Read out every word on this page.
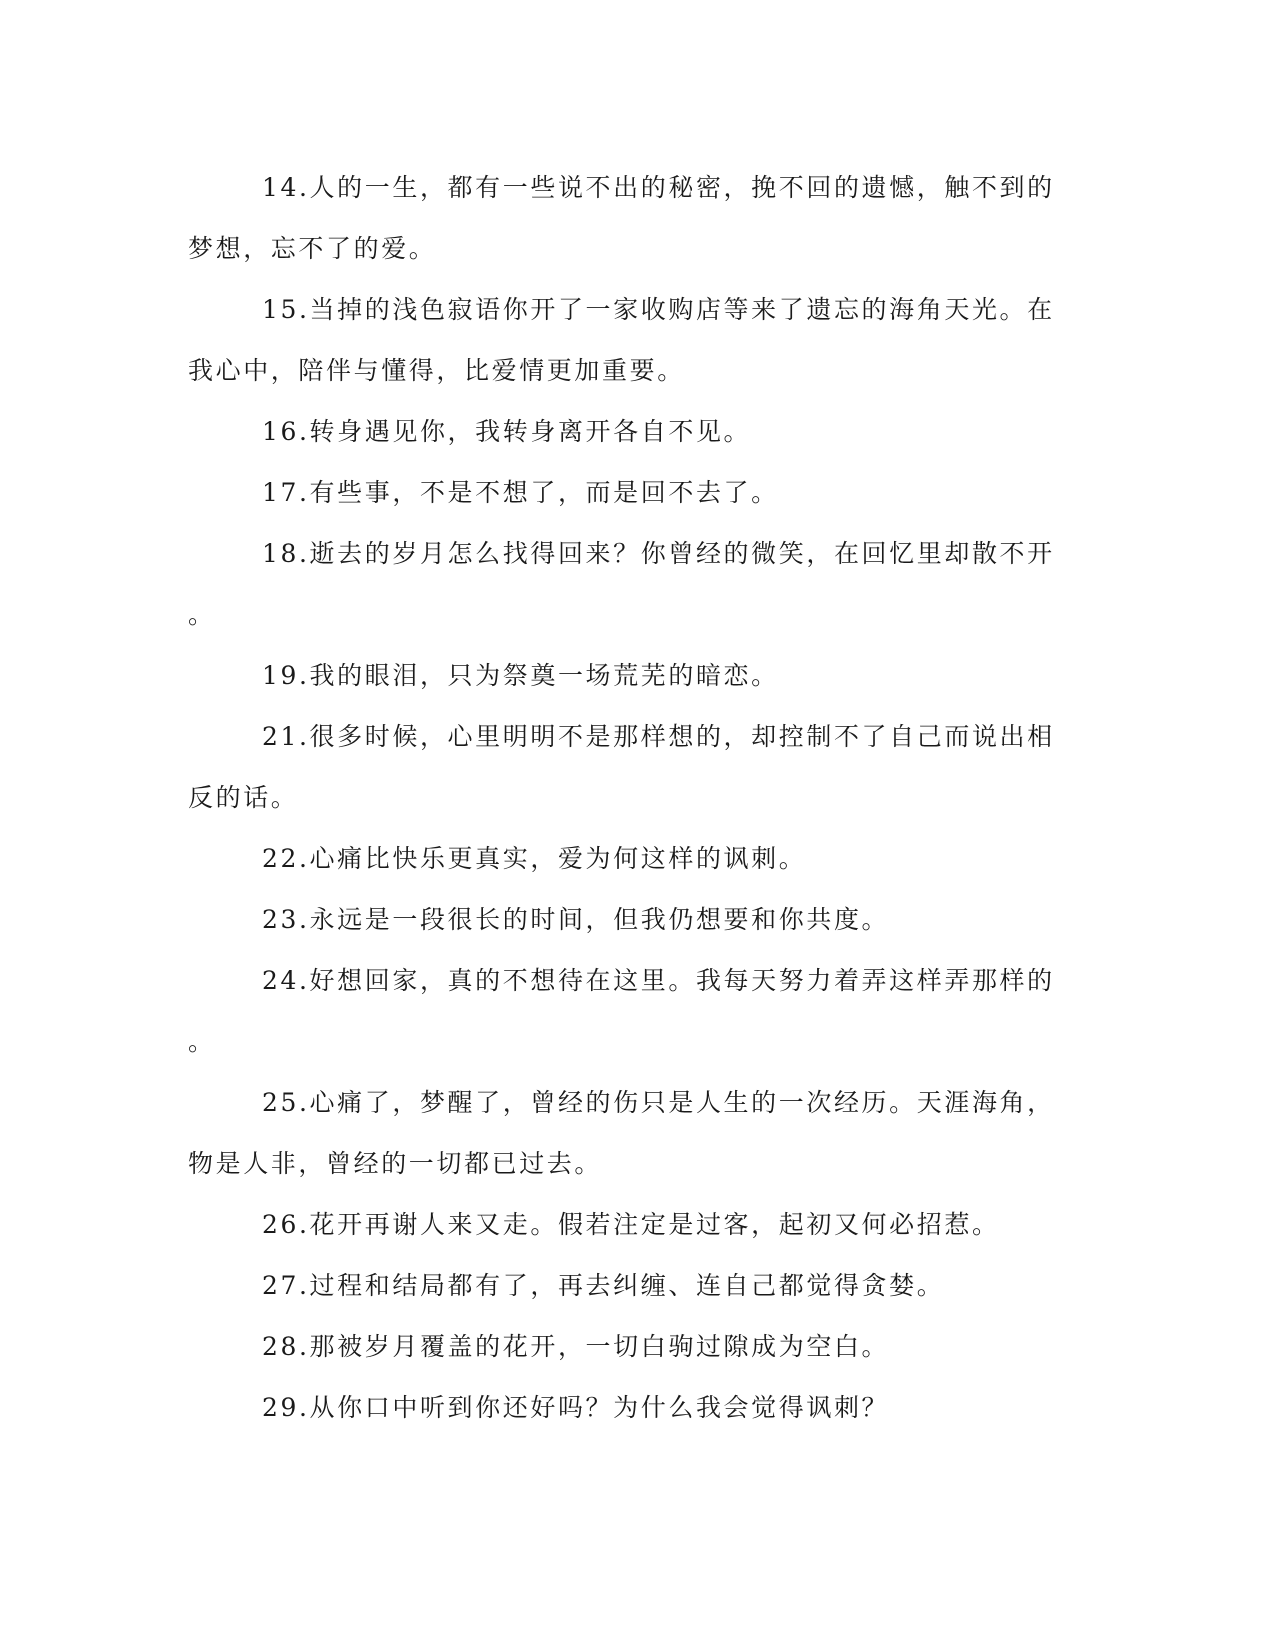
14.人的一生，都有一些说不出的秘密，挽不回的遗憾，触不到的
梦想，忘不了的爱。

15.当掉的浅色寂语你开了一家收购店等来了遗忘的海角天光。在
我心中，陪伴与懂得，比爱情更加重要。

16.转身遇见你，我转身离开各自不见。

17.有些事，不是不想了，而是回不去了。

18.逝去的岁月怎么找得回来？你曾经的微笑，在回忆里却散不开
。

19.我的眼泪，只为祭奠一场荒芜的暗恋。

21.很多时候，心里明明不是那样想的，却控制不了自己而说出相
反的话。

22.心痛比快乐更真实，爱为何这样的讽刺。

23.永远是一段很长的时间，但我仍想要和你共度。

24.好想回家，真的不想待在这里。我每天努力着弄这样弄那样的
。

25.心痛了，梦醒了，曾经的伤只是人生的一次经历。天涯海角，
物是人非，曾经的一切都已过去。

26.花开再谢人来又走。假若注定是过客，起初又何必招惹。

27.过程和结局都有了，再去纠缠、连自己都觉得贪婪。

28.那被岁月覆盖的花开，一切白驹过隙成为空白。

29.从你口中听到你还好吗？为什么我会觉得讽刺？
